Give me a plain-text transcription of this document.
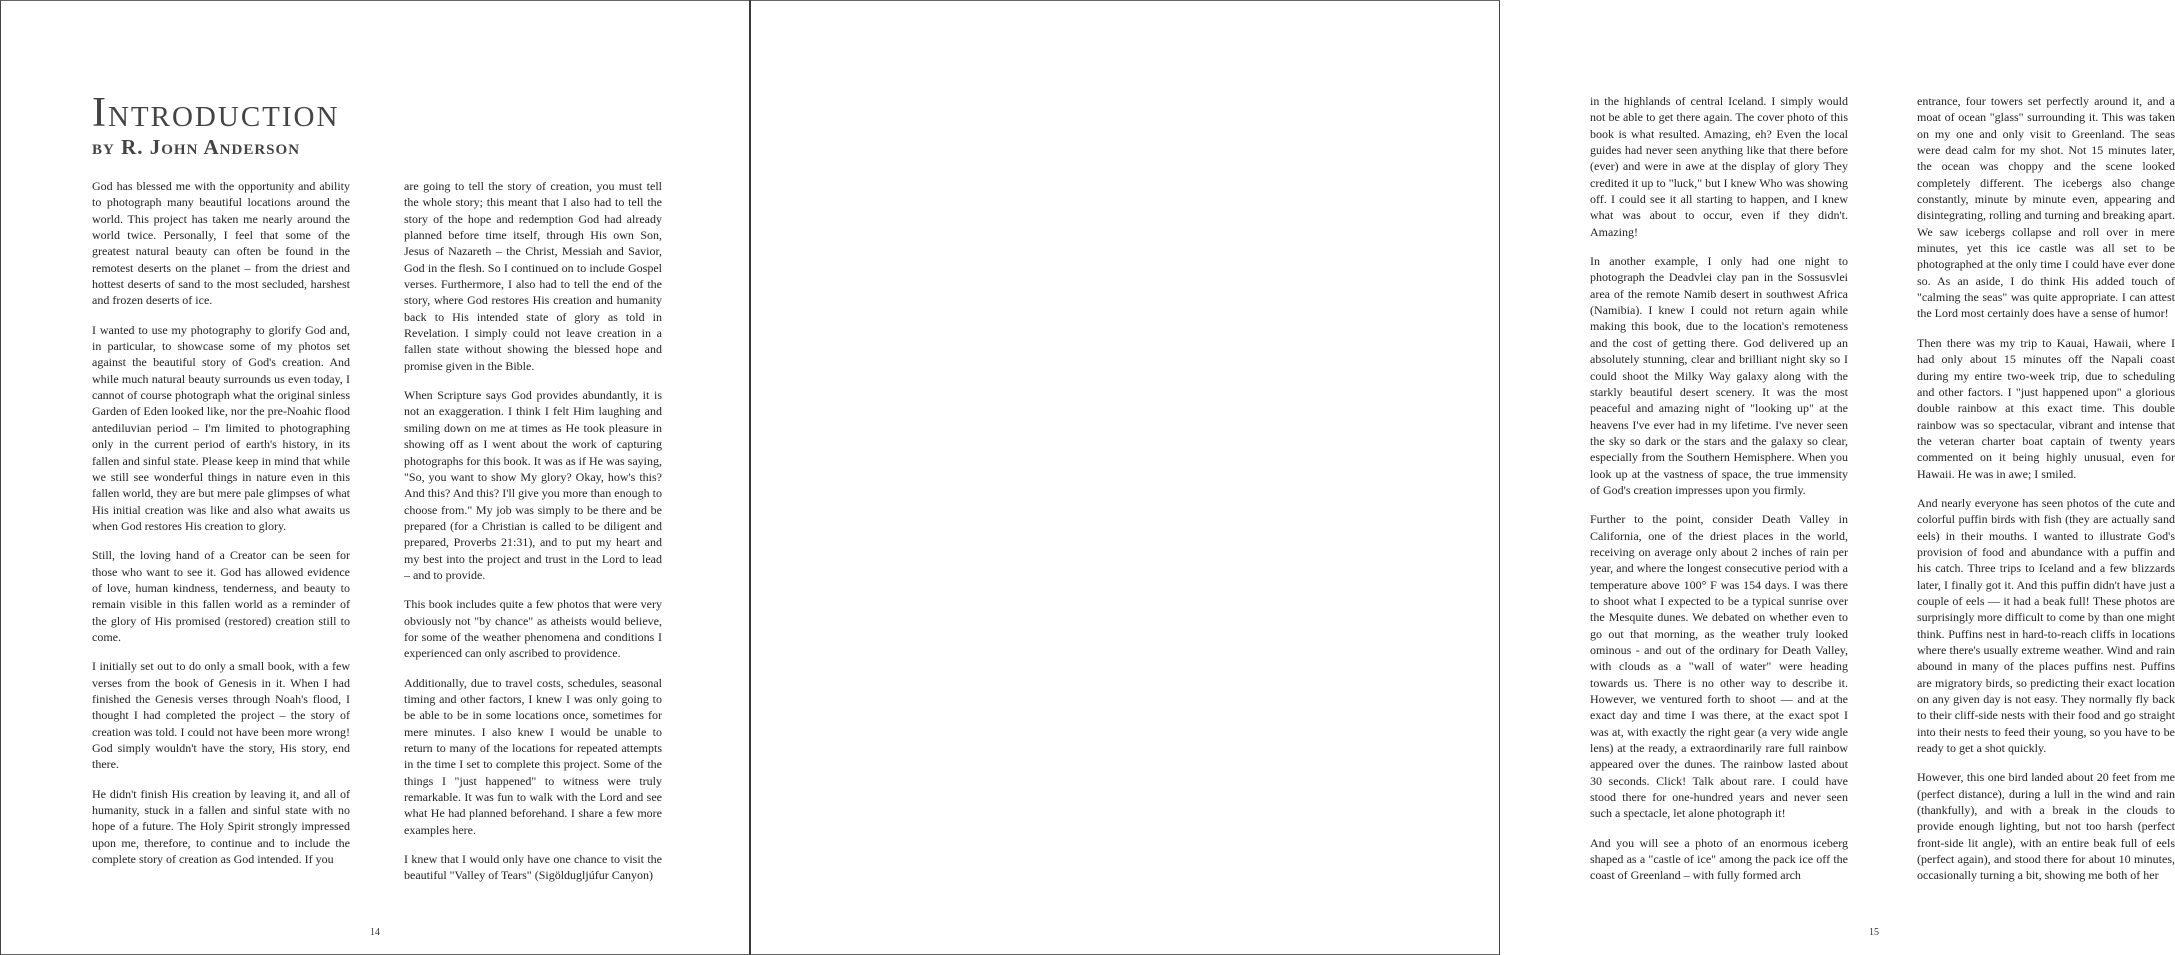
Introduction
by R. John Anderson

God has blessed me with the opportunity and ability to photograph many beautiful locations around the world. This project has taken me nearly around the world twice. Personally, I feel that some of the greatest natural beauty can often be found in the remotest deserts on the planet – from the driest and hottest deserts of sand to the most secluded, harshest and frozen deserts of ice.

I wanted to use my photography to glorify God and, in particular, to showcase some of my photos set against the beautiful story of God's creation. And while much natural beauty surrounds us even today, I cannot of course photograph what the original sinless Garden of Eden looked like, nor the pre-Noahic flood antediluvian period – I'm limited to photographing only in the current period of earth's history, in its fallen and sinful state. Please keep in mind that while we still see wonderful things in nature even in this fallen world, they are but mere pale glimpses of what His initial creation was like and also what awaits us when God restores His creation to glory.

Still, the loving hand of a Creator can be seen for those who want to see it. God has allowed evidence of love, human kindness, tenderness, and beauty to remain visible in this fallen world as a reminder of the glory of His promised (restored) creation still to come.

I initially set out to do only a small book, with a few verses from the book of Genesis in it. When I had finished the Genesis verses through Noah's flood, I thought I had completed the project – the story of creation was told. I could not have been more wrong! God simply wouldn't have the story, His story, end there.

He didn't finish His creation by leaving it, and all of humanity, stuck in a fallen and sinful state with no hope of a future. The Holy Spirit strongly impressed upon me, therefore, to continue and to include the complete story of creation as God intended. If you

are going to tell the story of creation, you must tell the whole story; this meant that I also had to tell the story of the hope and redemption God had already planned before time itself, through His own Son, Jesus of Nazareth – the Christ, Messiah and Savior, God in the flesh. So I continued on to include Gospel verses. Furthermore, I also had to tell the end of the story, where God restores His creation and humanity back to His intended state of glory as told in Revelation. I simply could not leave creation in a fallen state without showing the blessed hope and promise given in the Bible.

When Scripture says God provides abundantly, it is not an exaggeration. I think I felt Him laughing and smiling down on me at times as He took pleasure in showing off as I went about the work of capturing photographs for this book. It was as if He was saying, "So, you want to show My glory? Okay, how's this? And this? And this? I'll give you more than enough to choose from." My job was simply to be there and be prepared (for a Christian is called to be diligent and prepared, Proverbs 21:31), and to put my heart and my best into the project and trust in the Lord to lead – and to provide.

This book includes quite a few photos that were very obviously not "by chance" as atheists would believe, for some of the weather phenomena and conditions I experienced can only ascribed to providence.

Additionally, due to travel costs, schedules, seasonal timing and other factors, I knew I was only going to be able to be in some locations once, sometimes for mere minutes. I also knew I would be unable to return to many of the locations for repeated attempts in the time I set to complete this project. Some of the things I "just happened" to witness were truly remarkable. It was fun to walk with the Lord and see what He had planned beforehand. I share a few more examples here.

I knew that I would only have one chance to visit the beautiful "Valley of Tears" (Sigöldugljúfur Canyon)

14

in the highlands of central Iceland. I simply would not be able to get there again. The cover photo of this book is what resulted. Amazing, eh? Even the local guides had never seen anything like that there before (ever) and were in awe at the display of glory They credited it up to "luck," but I knew Who was showing off. I could see it all starting to happen, and I knew what was about to occur, even if they didn't. Amazing!

In another example, I only had one night to photograph the Deadvlei clay pan in the Sossusvlei area of the remote Namib desert in southwest Africa (Namibia). I knew I could not return again while making this book, due to the location's remoteness and the cost of getting there. God delivered up an absolutely stunning, clear and brilliant night sky so I could shoot the Milky Way galaxy along with the starkly beautiful desert scenery. It was the most peaceful and amazing night of "looking up" at the heavens I've ever had in my lifetime. I've never seen the sky so dark or the stars and the galaxy so clear, especially from the Southern Hemisphere. When you look up at the vastness of space, the true immensity of God's creation impresses upon you firmly.

Further to the point, consider Death Valley in California, one of the driest places in the world, receiving on average only about 2 inches of rain per year, and where the longest consecutive period with a temperature above 100° F was 154 days. I was there to shoot what I expected to be a typical sunrise over the Mesquite dunes. We debated on whether even to go out that morning, as the weather truly looked ominous - and out of the ordinary for Death Valley, with clouds as a "wall of water" were heading towards us. There is no other way to describe it. However, we ventured forth to shoot — and at the exact day and time I was there, at the exact spot I was at, with exactly the right gear (a very wide angle lens) at the ready, a extraordinarily rare full rainbow appeared over the dunes. The rainbow lasted about 30 seconds. Click! Talk about rare. I could have stood there for one-hundred years and never seen such a spectacle, let alone photograph it!

And you will see a photo of an enormous iceberg shaped as a "castle of ice" among the pack ice off the coast of Greenland – with fully formed arch

entrance, four towers set perfectly around it, and a moat of ocean "glass" surrounding it. This was taken on my one and only visit to Greenland. The seas were dead calm for my shot. Not 15 minutes later, the ocean was choppy and the scene looked completely different. The icebergs also change constantly, minute by minute even, appearing and disintegrating, rolling and turning and breaking apart. We saw icebergs collapse and roll over in mere minutes, yet this ice castle was all set to be photographed at the only time I could have ever done so. As an aside, I do think His added touch of "calming the seas" was quite appropriate. I can attest the Lord most certainly does have a sense of humor!

Then there was my trip to Kauai, Hawaii, where I had only about 15 minutes off the Napali coast during my entire two-week trip, due to scheduling and other factors. I "just happened upon" a glorious double rainbow at this exact time. This double rainbow was so spectacular, vibrant and intense that the veteran charter boat captain of twenty years commented on it being highly unusual, even for Hawaii. He was in awe; I smiled.

And nearly everyone has seen photos of the cute and colorful puffin birds with fish (they are actually sand eels) in their mouths. I wanted to illustrate God's provision of food and abundance with a puffin and his catch. Three trips to Iceland and a few blizzards later, I finally got it. And this puffin didn't have just a couple of eels — it had a beak full! These photos are surprisingly more difficult to come by than one might think. Puffins nest in hard-to-reach cliffs in locations where there's usually extreme weather. Wind and rain abound in many of the places puffins nest. Puffins are migratory birds, so predicting their exact location on any given day is not easy. They normally fly back to their cliff-side nests with their food and go straight into their nests to feed their young, so you have to be ready to get a shot quickly.

However, this one bird landed about 20 feet from me (perfect distance), during a lull in the wind and rain (thankfully), and with a break in the clouds to provide enough lighting, but not too harsh (perfect front-side lit angle), with an entire beak full of eels (perfect again), and stood there for about 10 minutes, occasionally turning a bit, showing me both of her

15
